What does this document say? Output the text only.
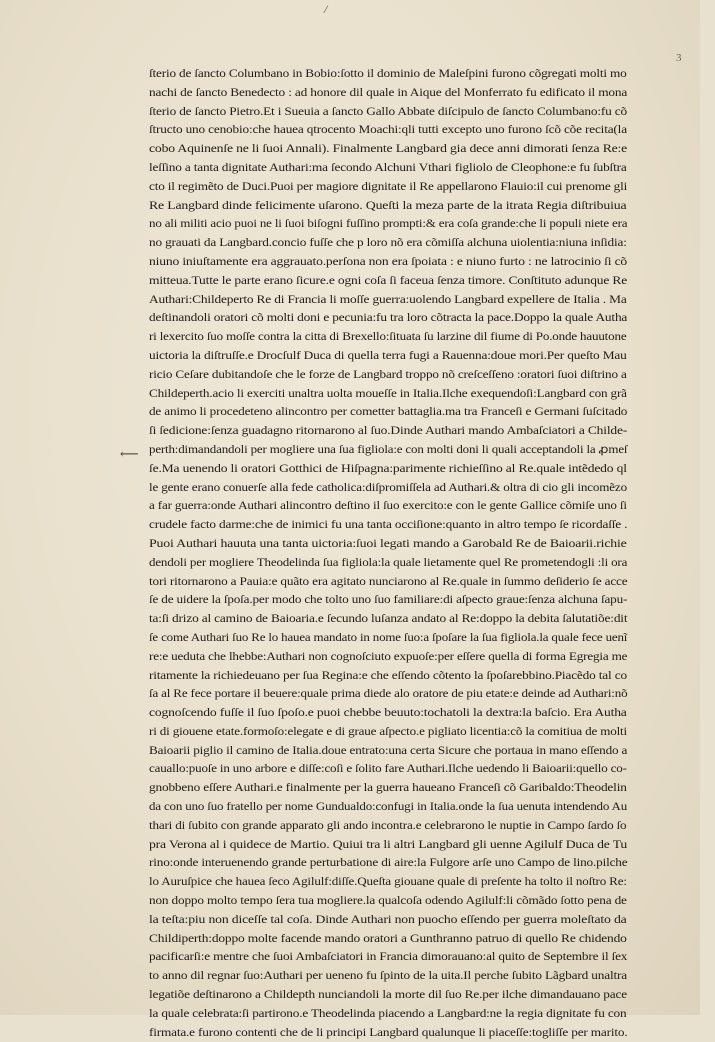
/
3
⟵
ſterio de ſancto Columbano in Bobio:ſotto il dominio de Maleſpini furono cõgregati molti mo
nachi de ſancto Benedecto : ad honore dil quale in Aique del Monferrato fu edificato il mona
ſterio de ſancto Pietro.Et i Sueuia a ſancto Gallo Abbate diſcipulo de ſancto Columbano:fu cõ
ſtructo uno cenobio:che hauea qtrocento Moachi:qli tutti excepto uno furono ſcõ cõe recita(la
cobo Aquinenſe ne li ſuoi Annali). Finalmente Langbard gia dece anni dimorati ſenza Re:e
leſſino a tanta dignitate Authari:ma ſecondo Alchuni Vthari figliolo de Cleophone:e fu ſubſtra
cto il regimẽto de Duci.Puoi per magiore dignitate il Re appellarono Flauio:il cui prenome gli
Re Langbard dinde felicimente uſarono. Queſti la meza parte de la itrata Regia diſtribuiua
no ali militi acio puoi ne li ſuoi biſogni fuſſino prompti:& era coſa grande:che li populi niete era
no grauati da Langbard.concio fuſſe che p loro nõ era cõmiſſa alchuna uiolentia:niuna inſidia:
niuno iniuſtamente era aggrauato.perſona non era ſpoiata : e niuno furto : ne latrocinio ſi cõ
mitteua.Tutte le parte erano ſicure.e ogni coſa ſi faceua ſenza timore. Conſtituto adunque Re
Authari:Childeperto Re di Francia li moſſe guerra:uolendo Langbard expellere de Italia . Ma
deſtinandoli oratori cõ molti doni e pecunia:fu tra loro cõtracta la pace.Doppo la quale Autha
ri lexercito ſuo moſſe contra la citta di Brexello:ſituata ſu larzine dil fiume di Po.onde hauutone
uictoria la diſtruſſe.e Drocſulf Duca di quella terra fugi a Rauenna:doue mori.Per queſto Mau
ricio Ceſare dubitandoſe che le forze de Langbard troppo nõ creſceſſeno :oratori ſuoi diſtrino a
Childeperth.acio li exerciti unaltra uolta moueſſe in Italia.Ilche exequendoſi:Langbard con grã
de animo li procedeteno alincontro per cometter battaglia.ma tra Franceſi e Germani ſuſcitado
ſi ſedicione:ſenza guadagno ritornarono al ſuo.Dinde Authari mando Ambaſciatori a Childe-
perth:dimandandoli per mogliere una ſua figliola:e con molti doni li quali acceptandoli la ꝓmeſ
ſe.Ma uenendo li oratori Gotthici de Hiſpagna:parimente richieſſino al Re.quale intẽdedo ql
le gente erano conuerſe alla fede catholica:diſpromiſſela ad Authari.& oltra di cio gli incomẽzo
a far guerra:onde Authari alincontro deſtino il ſuo exercito:e con le gente Gallice cõmiſe uno ſi
crudele facto darme:che de inimici fu una tanta occiſione:quanto in altro tempo ſe ricordaſſe .
Puoi Authari hauuta una tanta uictoria:ſuoi legati mando a Garobald Re de Baioarii.richie
dendoli per mogliere Theodelinda ſua figliola:la quale lietamente quel Re prometendogli :li ora
tori ritornarono a Pauia:e quãto era agitato nunciarono al Re.quale in ſummo deſiderio ſe acce
ſe de uidere la ſpoſa.per modo che tolto uno ſuo familiare:di aſpecto graue:ſenza alchuna ſapu-
ta:ſi drizo al camino de Baioaria.e ſecundo luſanza andato al Re:doppo la debita ſalutatiõe:dit
ſe come Authari ſuo Re lo hauea mandato in nome ſuo:a ſpoſare la ſua figliola.la quale fece uenĩ
re:e ueduta che lhebbe:Authari non cognoſciuto expuoſe:per eſſere quella di forma Egregia me
ritamente la richiedeuano per ſua Regina:e che eſſendo cõtento la ſpoſarebbino.Piacẽdo tal co
ſa al Re fece portare il beuere:quale prima diede alo oratore de piu etate:e deinde ad Authari:nõ
cognoſcendo fuſſe il ſuo ſpoſo.e puoi chebbe beuuto:tochatoli la dextra:la baſcio. Era Autha
ri di giouene etate.formoſo:elegate e di graue aſpecto.e pigliato licentia:cõ la comitiua de molti
Baioarii piglio il camino de Italia.doue entrato:una certa Sicure che portaua in mano eſſendo a
cauallo:puoſe in uno arbore e diſſe:coſi e ſolito fare Authari.Ilche uedendo li Baioarii:quello co-
gnobbeno eſſere Authari.e finalmente per la guerra haueano Franceſi cõ Garibaldo:Theodelin
da con uno ſuo fratello per nome Gundualdo:confugi in Italia.onde la ſua uenuta intendendo Au
thari di ſubito con grande apparato gli ando incontra.e celebrarono le nuptie in Campo ſardo ſo
pra Verona al i quidece de Martio. Quiui tra li altri Langbard gli uenne Agilulf Duca de Tu
rino:onde interuenendo grande perturbatione di aire:la Fulgore arſe uno Campo de lino.pilche
lo Auruſpice che hauea ſeco Agilulf:diſſe.Queſta giouane quale di preſente ha tolto il noſtro Re:
non doppo molto tempo ſera tua mogliere.la qualcoſa odendo Agilulf:li cõmãdo ſotto pena de
la teſta:piu non diceſſe tal coſa. Dinde Authari non puocho eſſendo per guerra moleſtato da
Childiperth:doppo molte facende mando oratori a Gunthranno patruo di quello Re chidendo
pacificarſi:e mentre che ſuoi Ambaſciatori in Francia dimorauano:al quito de Septembre il ſex
to anno dil regnar ſuo:Authari per ueneno fu ſpinto de la uita.Il perche ſubito Lãgbard unaltra
legatiõe deſtinarono a Childepth nunciandoli la morte dil ſuo Re.per ilche dimandauano pace
la quale celebrata:ſi partirono.e Theodelinda piacendo a Langbard:ne la regia dignitate fu con
firmata.e furono contenti che de li principi Langbard qualunque li piaceſſe:togliſſe per marito.
